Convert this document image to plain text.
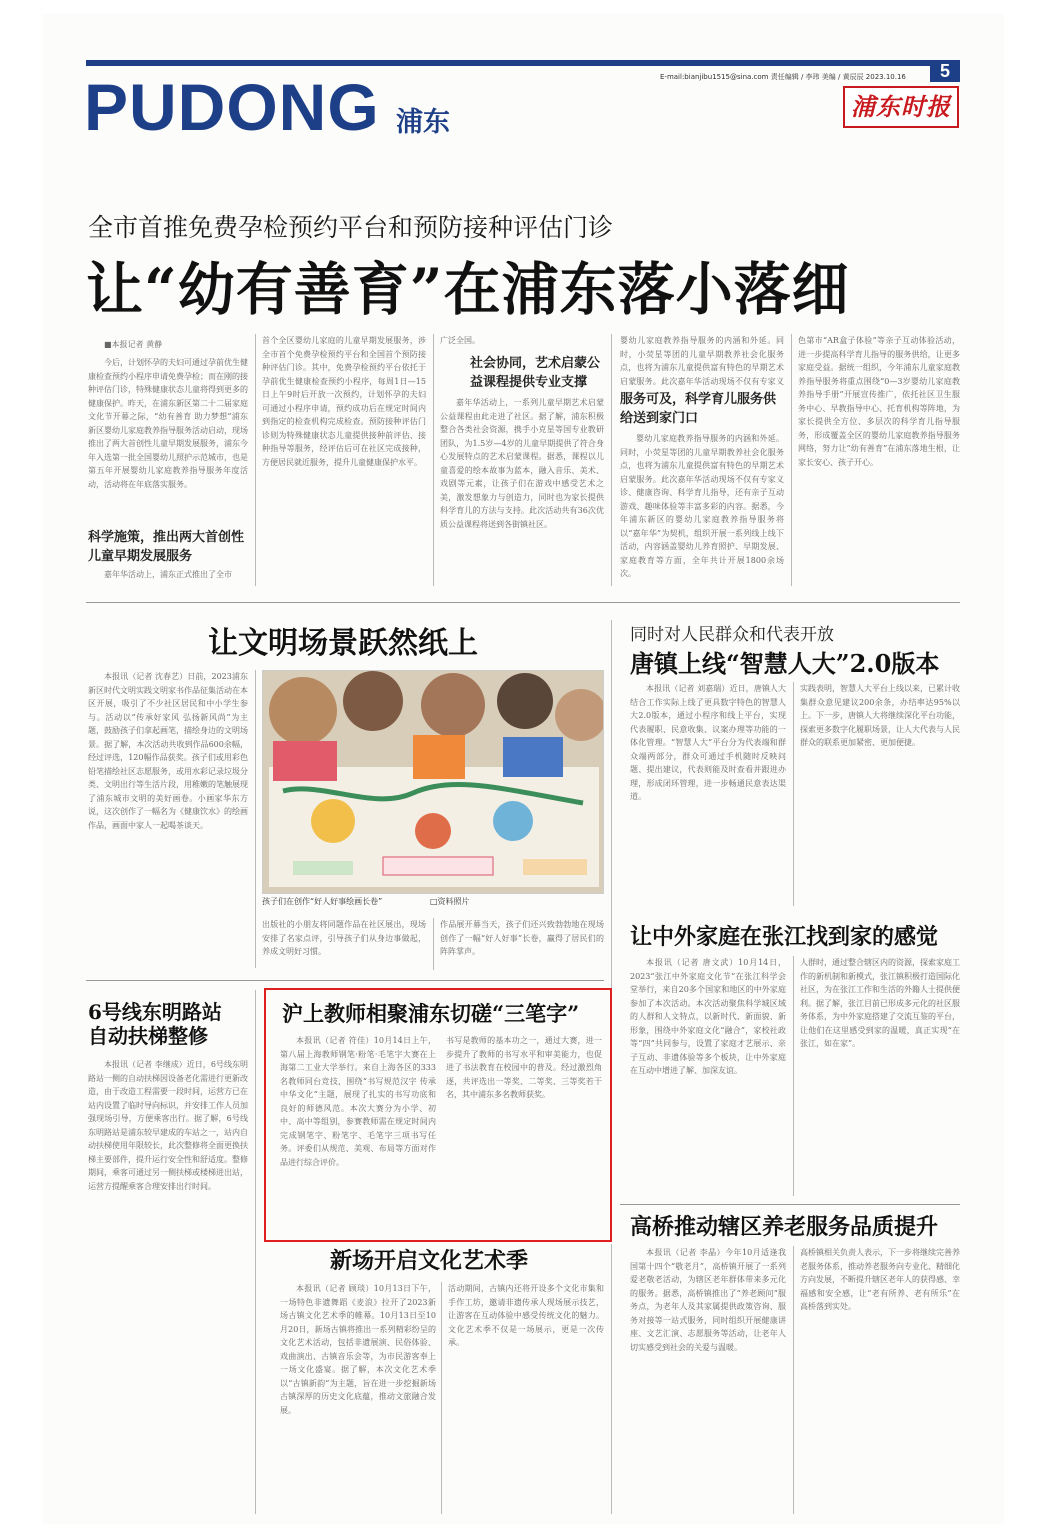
E-mail:bianjibu1515@sina.com 责任编辑 / 李玮 美编 / 黄辰辰 2023.10.16	5
PUDONG 浦东
浦东时报
全市首推免费孕检预约平台和预防接种评估门诊
让“幼有善育”在浦东落小落细
■本报记者 黄静
今后，计划怀孕的夫妇可通过孕前优生健康检查预约小程序申请免费孕检；而在刚的接种评估门诊，特殊健康状态儿童将得到更多的健康保护。昨天，在浦东新区第二十二届家庭文化节开幕之际，“幼有善育 助力梦想”浦东新区婴幼儿家庭教养指导服务活动启动，现场推出了两大首创性儿童早期发展服务，浦东今年入选第一批全国婴幼儿照护示范城市，也是第五年开展婴幼儿家庭教养指导服务年度活动，活动将在年底落实服务。
科学施策，推出两大首创性儿童早期发展服务
嘉年华活动上，浦东正式推出了全市
首个全区婴幼儿家庭的儿童早期发展服务，涉全市首个免费孕检预约平台和全国首个预防接种评估门诊。其中，免费孕检预约平台依托于孕前优生健康检查预约小程序，每周1日—15日上午9时后开放一次预约，计划怀孕的夫妇可通过小程序申请，预约成功后在规定时间内到指定的检查机构完成检查。预防接种评估门诊则为特殊健康状态儿童提供接种前评估、接种指导等服务，经评估后可在社区完成接种，方便居民就近服务，提升儿童健康保护水平。
广泛全国。
社会协同，艺术启蒙公益课程提供专业支撑
嘉年华活动上，一系列儿童早期艺术启蒙公益课程由此走进了社区。据了解，浦东积极整合各类社会资源，携手小克星等国专业教研团队，为1.5岁—4岁的儿童早期提供了符合身心发展特点的艺术启蒙课程。据悉，课程以儿童喜爱的绘本故事为蓝本，融入音乐、美术、戏剧等元素，让孩子们在游戏中感受艺术之美，激发想象力与创造力，同时也为家长提供科学育儿的方法与支持。此次活动共有36次优质公益课程将送到各街镇社区。
婴幼儿家庭教养指导服务的内涵和外延。同时，小荧星等团的儿童早期教养社会化服务点，也将为浦东儿童提供富有特色的早期艺术启蒙服务。此次嘉年华活动现场不仅有专家义
服务可及，科学育儿服务供给送到家门口
婴幼儿家庭教养指导服务的内涵和外延。同时，小荧星等团的儿童早期教养社会化服务点，也将为浦东儿童提供富有特色的早期艺术启蒙服务。此次嘉年华活动现场不仅有专家义诊、健康咨询、科学育儿指导，还有亲子互动游戏、趣味体验等丰富多彩的内容。据悉，今年浦东新区的婴幼儿家庭教养指导服务将以“嘉年华”为契机，组织开展一系列线上线下活动，内容涵盖婴幼儿养育照护、早期发展、家庭教育等方面，全年共计开展1800余场次。
色第市“AR盒子体验”等亲子互动体验活动，进一步提高科学育儿指导的服务供给，让更多家庭受益。据统一组织，今年浦东儿童家庭教养指导服务将重点围绕“0—3岁婴幼儿家庭教养指导手册”开展宣传推广，依托社区卫生服务中心、早教指导中心、托育机构等阵地，为家长提供全方位、多层次的科学育儿指导服务，形成覆盖全区的婴幼儿家庭教养指导服务网络，努力让“幼有善育”在浦东落地生根，让家长安心、孩子开心。
让文明场景跃然纸上
本报讯（记者 沈春艺）日前，2023浦东新区时代文明实践文明家书作品征集活动在本区开展，吸引了不少社区居民和中小学生参与。活动以“传承好家风 弘扬新风尚”为主题，鼓励孩子们拿起画笔，描绘身边的文明场景。据了解，本次活动共收到作品600余幅，经过评选，120幅作品获奖。孩子们或用彩色铅笔描绘社区志愿服务，或用水彩记录垃圾分类、文明出行等生活片段，用稚嫩的笔触展现了浦东城市文明的美好画卷。小画家华东方说，这次创作了一幅名为《健康饮水》的绘画作品，画面中家人一起喝茶谈天。
孩子们在创作“好人好事绘画长卷”	□资料照片
出版社的小朋友将同题作品在社区展出，现场安排了名家点评，引导孩子们从身边事做起，养成文明好习惯。
作品展开幕当天，孩子们还兴致勃勃地在现场创作了一幅“好人好事”长卷，赢得了居民们的阵阵掌声。
同时对人民群众和代表开放
唐镇上线“智慧人大”2.0版本
本报讯（记者 刘嘉瑞）近日，唐镇人大结合工作实际上线了更具数字特色的智慧人大2.0版本，通过小程序和线上平台，实现代表履职、民意收集、议案办理等功能的一体化管理。“智慧人大”平台分为代表端和群众端两部分，群众可通过手机随时反映问题、提出建议，代表则能及时查看并跟进办理，形成闭环管理，进一步畅通民意表达渠道。
实践表明，智慧人大平台上线以来，已累计收集群众意见建议200余条，办结率达95%以上。下一步，唐镇人大将继续深化平台功能，探索更多数字化履职场景，让人大代表与人民群众的联系更加紧密、更加便捷。
让中外家庭在张江找到家的感觉
本报讯（记者 唐文武）10月14日，2023“张江中外家庭文化节”在张江科学会堂举行，来自20多个国家和地区的中外家庭参加了本次活动。本次活动聚焦科学城区域的人群和人文特点，以新时代、新面貌、新形象，围绕中外家庭文化“融合”，家校社政等“四”共同参与，设置了家庭才艺展示、亲子互动、非遗体验等多个板块，让中外家庭在互动中增进了解、加深友谊。
人群时，通过整合辖区内的资源，探索家庭工作的新机制和新模式，张江镇积极打造国际化社区，为在张江工作和生活的外籍人士提供便利。据了解，张江目前已形成多元化的社区服务体系，为中外家庭搭建了交流互鉴的平台，让他们在这里感受到家的温暖，真正实现“在张江，如在家”。
6号线东明路站
自动扶梯整修
本报讯（记者 李继成）近日，6号线东明路站一侧的自动扶梯因设备老化需进行更新改造，由于改造工程需要一段时间，运营方已在站内设置了临时导向标识，并安排工作人员加强现场引导，方便乘客出行。据了解，6号线东明路站是浦东较早建成的车站之一，站内自动扶梯使用年限较长，此次整修将全面更换扶梯主要部件，提升运行安全性和舒适度。整修期间，乘客可通过另一侧扶梯或楼梯进出站，运营方提醒乘客合理安排出行时间。
沪上教师相聚浦东切磋“三笔字”
本报讯（记者 符佳）10月14日上午，第八届上海教师钢笔·粉笔·毛笔字大赛在上海第二工业大学举行。来自上海各区的333名教师同台竞技，围绕“书写规范汉字 传承中华文化”主题，展现了扎实的书写功底和良好的师德风范。本次大赛分为小学、初中、高中等组别，参赛教师需在规定时间内完成钢笔字、粉笔字、毛笔字三项书写任务。评委们从规范、美观、布局等方面对作品进行综合评价。
书写是教师的基本功之一，通过大赛，进一步提升了教师的书写水平和审美能力，也促进了书法教育在校园中的普及。经过激烈角逐，共评选出一等奖、二等奖、三等奖若干名，其中浦东多名教师获奖。
新场开启文化艺术季
本报讯（记者 顾琰）10月13日下午，一场特色非遗舞蹈《麦浪》拉开了2023新场古镇文化艺术季的帷幕。10月13日至10月20日，新场古镇将推出一系列精彩纷呈的文化艺术活动，包括非遗展演、民俗体验、戏曲演出、古镇音乐会等，为市民游客奉上一场文化盛宴。据了解，本次文化艺术季以“古镇新韵”为主题，旨在进一步挖掘新场古镇深厚的历史文化底蕴，推动文旅融合发展。
活动期间，古镇内还将开设多个文化市集和手作工坊，邀请非遗传承人现场展示技艺，让游客在互动体验中感受传统文化的魅力。文化艺术季不仅是一场展示，更是一次传承。
高桥推动辖区养老服务品质提升
本报讯（记者 李晶）今年10月适逢我国第十四个“敬老月”，高桥镇开展了一系列爱老敬老活动，为辖区老年群体带来多元化的服务。据悉，高桥镇推出了“养老顾问”服务点，为老年人及其家属提供政策咨询、服务对接等一站式服务，同时组织开展健康讲座、文艺汇演、志愿服务等活动，让老年人切实感受到社会的关爱与温暖。
高桥镇相关负责人表示，下一步将继续完善养老服务体系，推动养老服务向专业化、精细化方向发展，不断提升辖区老年人的获得感、幸福感和安全感，让“老有所养、老有所乐”在高桥落到实处。
